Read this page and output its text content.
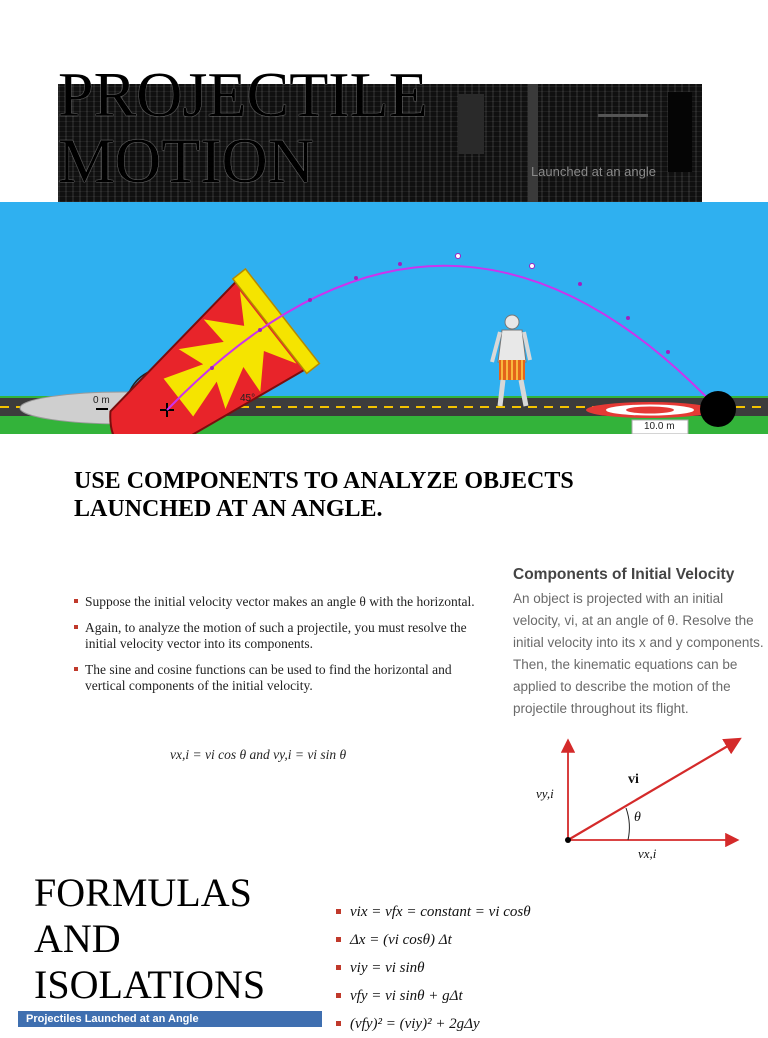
Launched at an angle
PROJECTILE
MOTION
0 m	45°
10.0 m
USE COMPONENTS TO ANALYZE OBJECTS LAUNCHED AT AN ANGLE.
Suppose the initial velocity vector makes an angle θ with the horizontal.
Again, to analyze the motion of such a projectile, you must resolve the initial velocity vector into its components.
The sine and cosine functions can be used to find the horizontal and vertical components of the initial velocity.
vx,i = vi cos θ and vy,i = vi sin θ

Components of Initial Velocity

An object is projected with an initial velocity, vi, at an angle of θ. Resolve the initial velocity into its x and y components. Then, the kinematic equations can be applied to describe the motion of the projectile throughout its flight.

vi
θ
vy,i
vx,i
FORMULAS
AND
ISOLATIONS
vix = vfx = constant = vi cosθ
Δx = (vi cosθ) Δt
viy = vi sinθ
vfy = vi sinθ + gΔt
(vfy)² = (viy)² + 2gΔy
Projectiles Launched at an Angle
